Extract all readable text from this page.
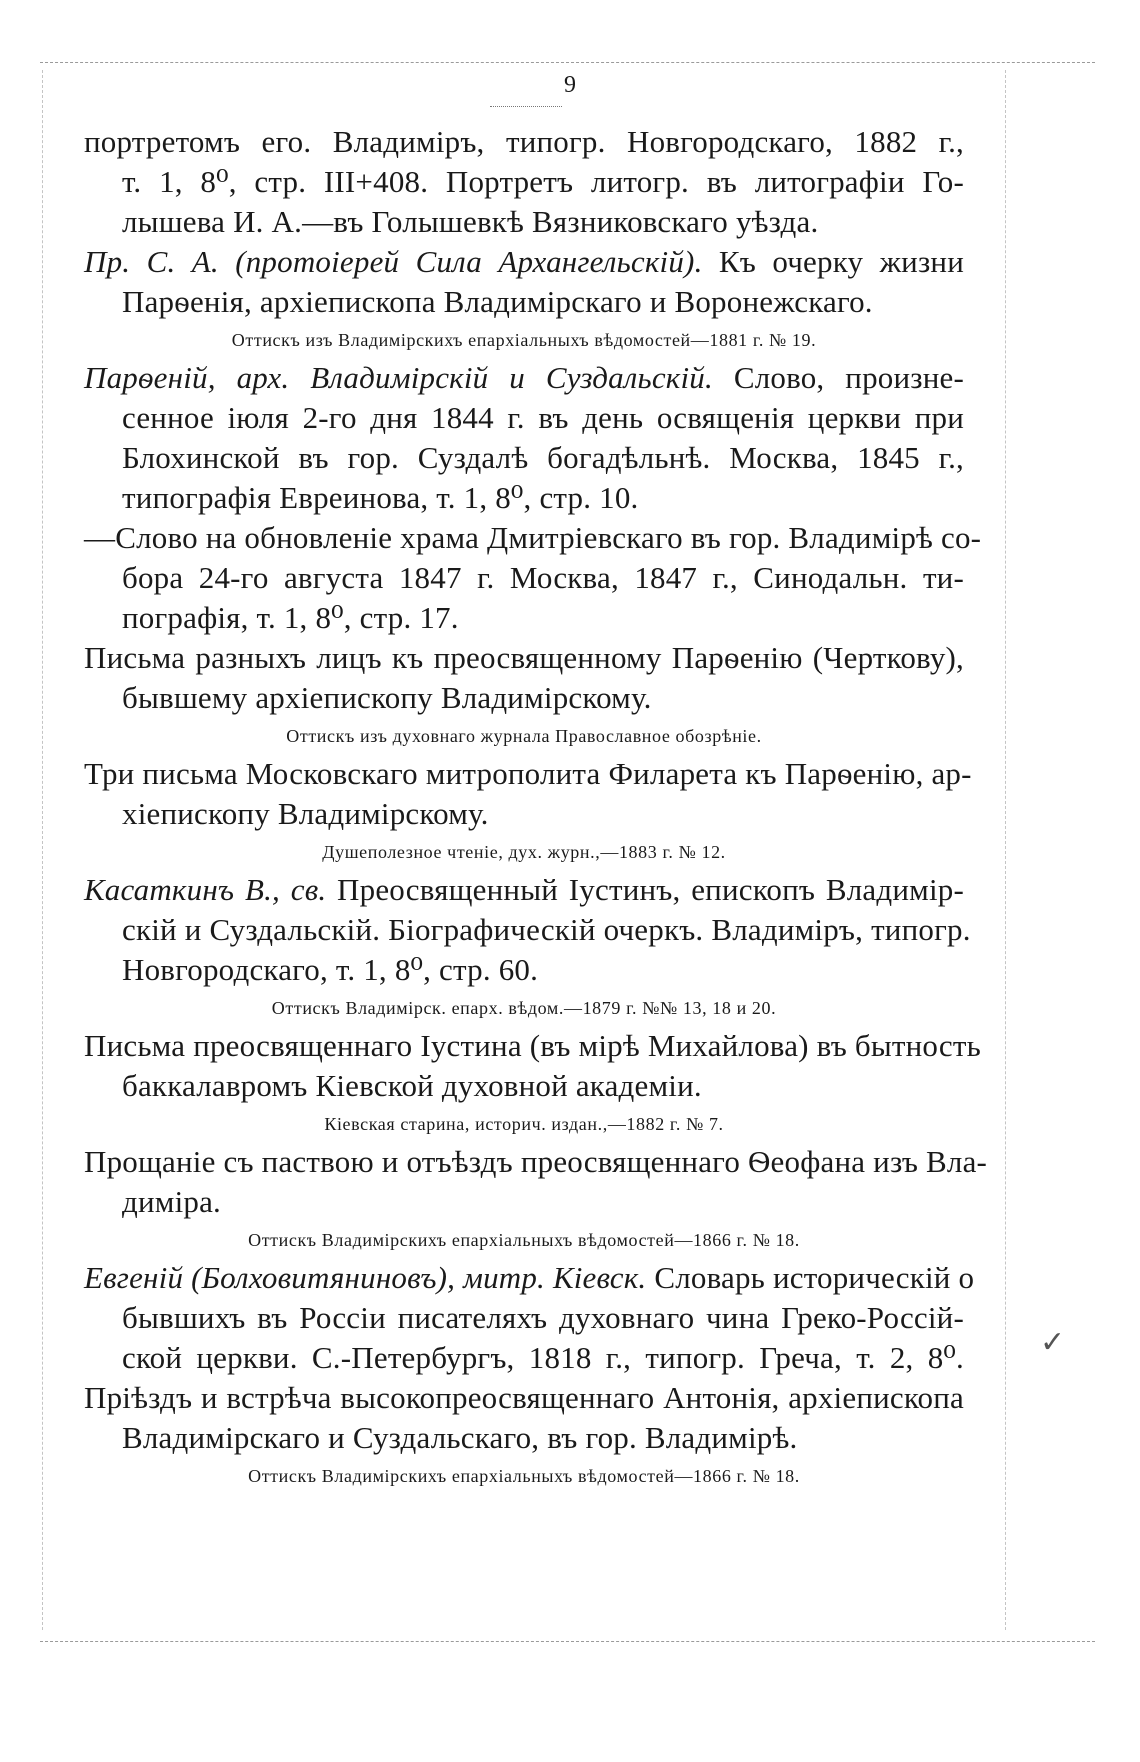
9
✓
портретомъ его. Владиміръ, типогр. Новгородскаго, 1882 г.,
т. 1, 8⁰, стр. III+408. Портретъ литогр. въ литографіи Го-
лышева И. А.—въ Голышевкѣ Вязниковскаго уѣзда.
Пр. С. А. (протоіерей Сила Архангельскій). Къ очерку жизни
Парѳенія, архіепископа Владимірскаго и Воронежскаго.
Оттискъ изъ Владимірскихъ епархіальныхъ вѣдомостей—1881 г. № 19.
Парѳеній, арх. Владимірскій и Суздальскій. Слово, произне-
сенное іюля 2-го дня 1844 г. въ день освященія церкви при
Блохинской въ гор. Суздалѣ богадѣльнѣ. Москва, 1845 г.,
типографія Евреинова, т. 1, 8⁰, стр. 10.
—Слово на обновленіе храма Дмитріевскаго въ гор. Владимірѣ со-
бора 24-го августа 1847 г. Москва, 1847 г., Синодальн. ти-
пографія, т. 1, 8⁰, стр. 17.
Письма разныхъ лицъ къ преосвященному Парѳенію (Черткову),
бывшему архіепископу Владимірскому.
Оттискъ изъ духовнаго журнала Православное обозрѣніе.
Три письма Московскаго митрополита Филарета къ Парѳенію, ар-
хіепископу Владимірскому.
Душеполезное чтеніе, дух. журн.,—1883 г. № 12.
Касаткинъ В., св. Преосвященный Іустинъ, епископъ Владимір-
скій и Суздальскій. Біографическій очеркъ. Владиміръ, типогр.
Новгородскаго, т. 1, 8⁰, стр. 60.
Оттискъ Владимірск. епарх. вѣдом.—1879 г. №№ 13, 18 и 20.
Письма преосвященнаго Іустина (въ мірѣ Михайлова) въ бытность
баккалавромъ Кіевской духовной академіи.
Кіевская старина, историч. издан.,—1882 г. № 7.
Прощаніе съ паствою и отъѣздъ преосвященнаго Ѳеофана изъ Вла-
диміра.
Оттискъ Владимірскихъ епархіальныхъ вѣдомостей—1866 г. № 18.
Евгеній (Болховитяниновъ), митр. Кіевск. Словарь историческій о
бывшихъ въ Россіи писателяхъ духовнаго чина Греко-Россій-
ской церкви. С.-Петербургъ, 1818 г., типогр. Греча, т. 2, 8⁰.
Пріѣздъ и встрѣча высокопреосвященнаго Антонія, архіепископа
Владимірскаго и Суздальскаго, въ гор. Владимірѣ.
Оттискъ Владимірскихъ епархіальныхъ вѣдомостей—1866 г. № 18.
